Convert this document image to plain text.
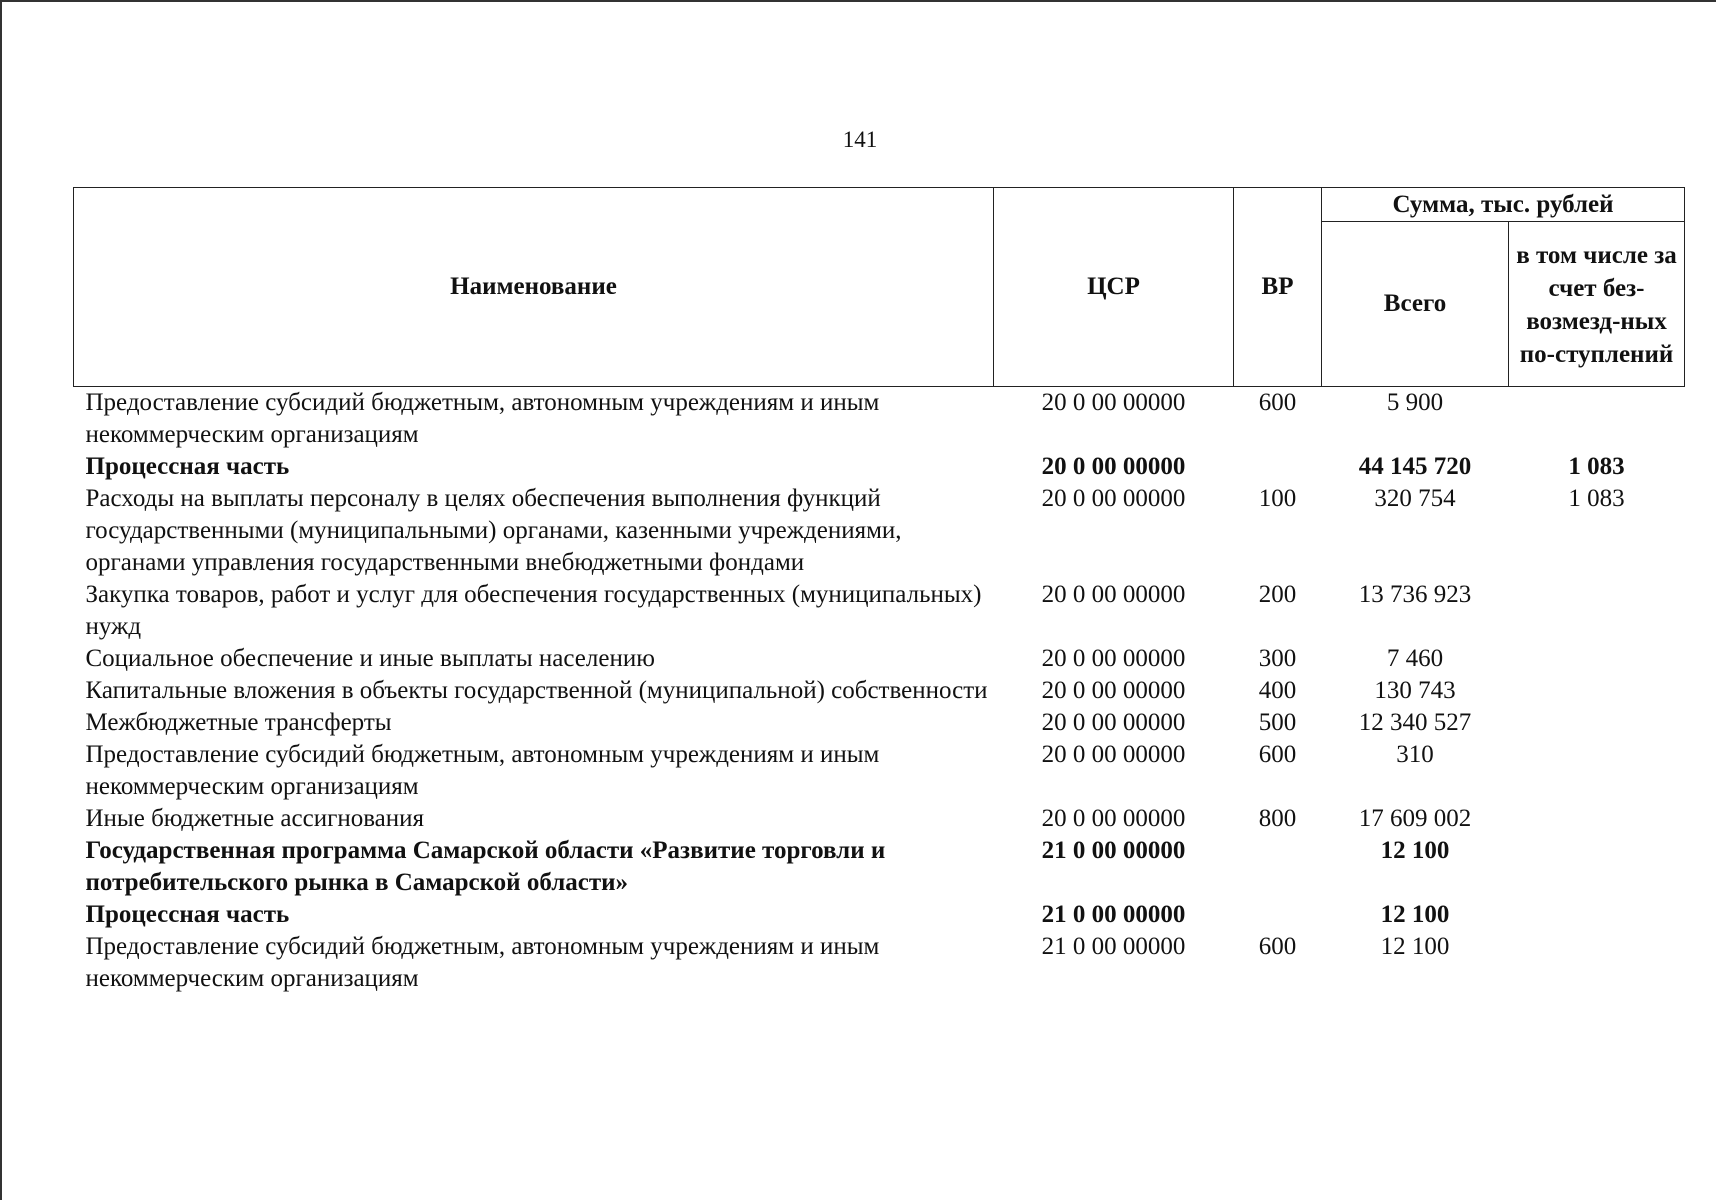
141
Наименование	ЦСР	ВР	Сумма, тыс. рублей	
			Всего	в том числе за счет без-возмезд-ных по-ступлений
Предоставление субсидий бюджетным, автономным учреждениям и иным некоммерческим организациям	20 0 00 00000	600	5 900	
Процессная часть	20 0 00 00000		44 145 720	1 083
Расходы на выплаты персоналу в целях обеспечения выполнения функций государственными (муниципальными) органами, казенными учреждениями, органами управления государственными внебюджетными фондами	20 0 00 00000	100	320 754	1 083
Закупка товаров, работ и услуг для обеспечения государственных (муниципальных) нужд	20 0 00 00000	200	13 736 923	
Социальное обеспечение и иные выплаты населению	20 0 00 00000	300	7 460	
Капитальные вложения в объекты государственной (муниципальной) собственности	20 0 00 00000	400	130 743	
Межбюджетные трансферты	20 0 00 00000	500	12 340 527	
Предоставление субсидий бюджетным, автономным учреждениям и иным некоммерческим организациям	20 0 00 00000	600	310	
Иные бюджетные ассигнования	20 0 00 00000	800	17 609 002	
Государственная программа Самарской области «Развитие торговли и потребительского рынка в Самарской области»	21 0 00 00000		12 100	
Процессная часть	21 0 00 00000		12 100	
Предоставление субсидий бюджетным, автономным учреждениям и иным некоммерческим организациям	21 0 00 00000	600	12 100	
